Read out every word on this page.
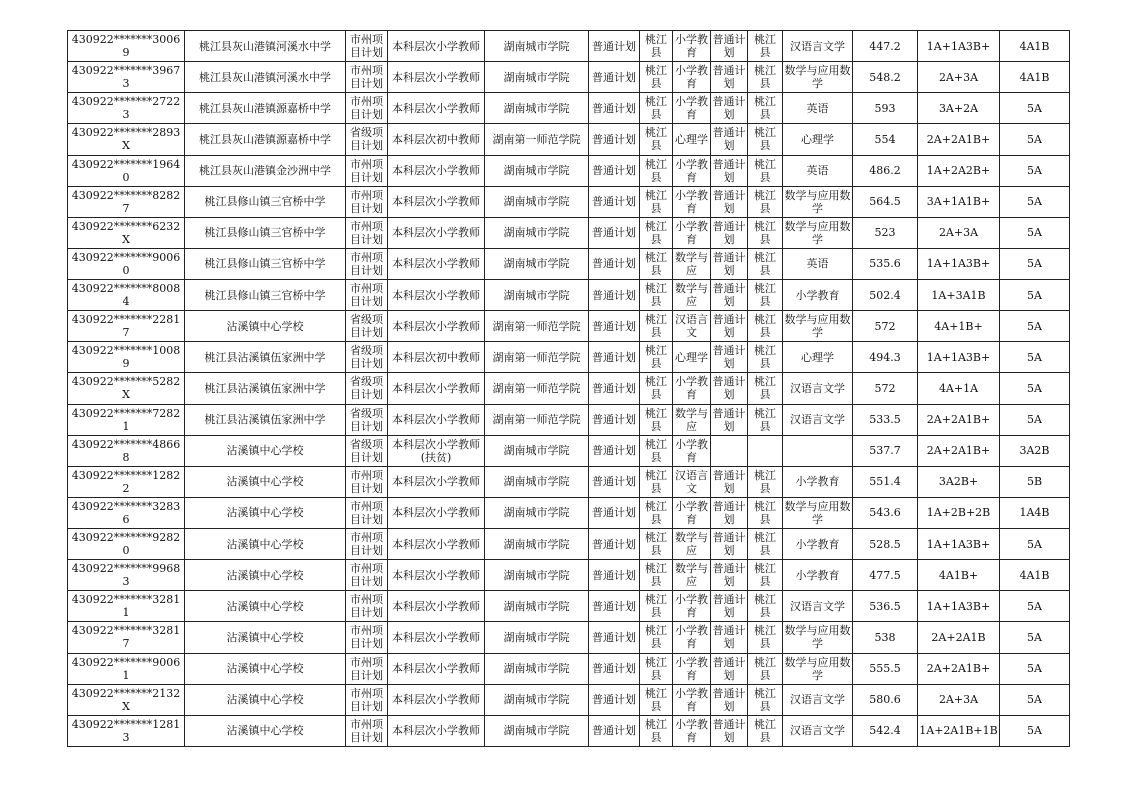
430922*******30069	桃江县灰山港镇河溪水中学	市州项目计划	本科层次小学教师	湖南城市学院	普通计划	桃江县	小学教育	普通计划	桃江县	汉语言文学	447.2	1A+1A3B+	4A1B
430922*******39673	桃江县灰山港镇河溪水中学	市州项目计划	本科层次小学教师	湖南城市学院	普通计划	桃江县	小学教育	普通计划	桃江县	数学与应用数学	548.2	2A+3A	4A1B
430922*******27223	桃江县灰山港镇源嘉桥中学	市州项目计划	本科层次小学教师	湖南城市学院	普通计划	桃江县	小学教育	普通计划	桃江县	英语	593	3A+2A	5A
430922*******2893X	桃江县灰山港镇源嘉桥中学	省级项目计划	本科层次初中教师	湖南第一师范学院	普通计划	桃江县	心理学	普通计划	桃江县	心理学	554	2A+2A1B+	5A
430922*******19640	桃江县灰山港镇金沙洲中学	市州项目计划	本科层次小学教师	湖南城市学院	普通计划	桃江县	小学教育	普通计划	桃江县	英语	486.2	1A+2A2B+	5A
430922*******82827	桃江县修山镇三官桥中学	市州项目计划	本科层次小学教师	湖南城市学院	普通计划	桃江县	小学教育	普通计划	桃江县	数学与应用数学	564.5	3A+1A1B+	5A
430922*******6232X	桃江县修山镇三官桥中学	市州项目计划	本科层次小学教师	湖南城市学院	普通计划	桃江县	小学教育	普通计划	桃江县	数学与应用数学	523	2A+3A	5A
430922*******90060	桃江县修山镇三官桥中学	市州项目计划	本科层次小学教师	湖南城市学院	普通计划	桃江县	数学与应	普通计划	桃江县	英语	535.6	1A+1A3B+	5A
430922*******80084	桃江县修山镇三官桥中学	市州项目计划	本科层次小学教师	湖南城市学院	普通计划	桃江县	数学与应	普通计划	桃江县	小学教育	502.4	1A+3A1B	5A
430922*******22817	沾溪镇中心学校	省级项目计划	本科层次小学教师	湖南第一师范学院	普通计划	桃江县	汉语言文	普通计划	桃江县	数学与应用数学	572	4A+1B+	5A
430922*******10089	桃江县沾溪镇伍家洲中学	省级项目计划	本科层次初中教师	湖南第一师范学院	普通计划	桃江县	心理学	普通计划	桃江县	心理学	494.3	1A+1A3B+	5A
430922*******5282X	桃江县沾溪镇伍家洲中学	省级项目计划	本科层次小学教师	湖南第一师范学院	普通计划	桃江县	小学教育	普通计划	桃江县	汉语言文学	572	4A+1A	5A
430922*******72821	桃江县沾溪镇伍家洲中学	省级项目计划	本科层次小学教师	湖南第一师范学院	普通计划	桃江县	数学与应	普通计划	桃江县	汉语言文学	533.5	2A+2A1B+	5A
430922*******48668	沾溪镇中心学校	省级项目计划	本科层次小学教师(扶贫)	湖南城市学院	普通计划	桃江县	小学教育				537.7	2A+2A1B+	3A2B
430922*******12822	沾溪镇中心学校	市州项目计划	本科层次小学教师	湖南城市学院	普通计划	桃江县	汉语言文	普通计划	桃江县	小学教育	551.4	3A2B+	5B
430922*******32836	沾溪镇中心学校	市州项目计划	本科层次小学教师	湖南城市学院	普通计划	桃江县	小学教育	普通计划	桃江县	数学与应用数学	543.6	1A+2B+2B	1A4B
430922*******92820	沾溪镇中心学校	市州项目计划	本科层次小学教师	湖南城市学院	普通计划	桃江县	数学与应	普通计划	桃江县	小学教育	528.5	1A+1A3B+	5A
430922*******99683	沾溪镇中心学校	市州项目计划	本科层次小学教师	湖南城市学院	普通计划	桃江县	数学与应	普通计划	桃江县	小学教育	477.5	4A1B+	4A1B
430922*******32811	沾溪镇中心学校	市州项目计划	本科层次小学教师	湖南城市学院	普通计划	桃江县	小学教育	普通计划	桃江县	汉语言文学	536.5	1A+1A3B+	5A
430922*******32817	沾溪镇中心学校	市州项目计划	本科层次小学教师	湖南城市学院	普通计划	桃江县	小学教育	普通计划	桃江县	数学与应用数学	538	2A+2A1B	5A
430922*******90061	沾溪镇中心学校	市州项目计划	本科层次小学教师	湖南城市学院	普通计划	桃江县	小学教育	普通计划	桃江县	数学与应用数学	555.5	2A+2A1B+	5A
430922*******2132X	沾溪镇中心学校	市州项目计划	本科层次小学教师	湖南城市学院	普通计划	桃江县	小学教育	普通计划	桃江县	汉语言文学	580.6	2A+3A	5A
430922*******12813	沾溪镇中心学校	市州项目计划	本科层次小学教师	湖南城市学院	普通计划	桃江县	小学教育	普通计划	桃江县	汉语言文学	542.4	1A+2A1B+1B	5A
